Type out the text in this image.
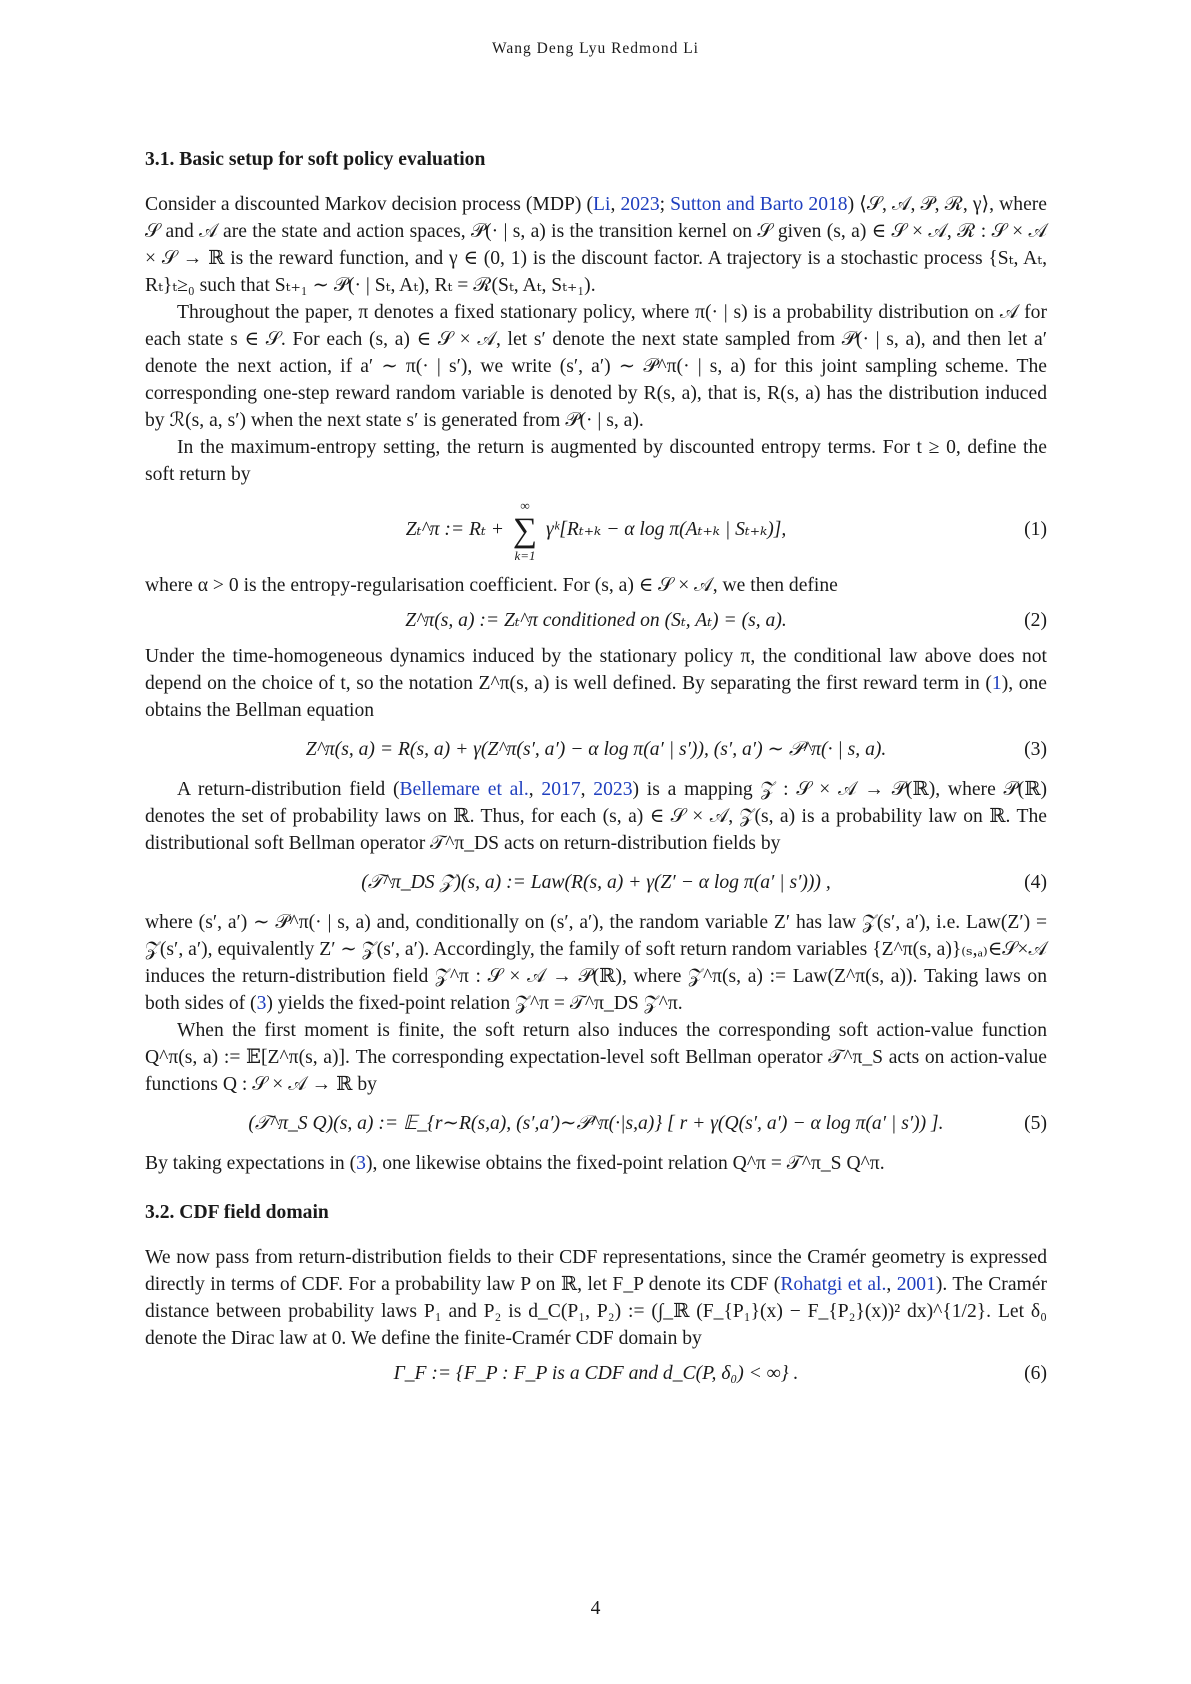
Wang Deng Lyu Redmond Li
3.1. Basic setup for soft policy evaluation

Consider a discounted Markov decision process (MDP) (Li, 2023; Sutton and Barto 2018) ⟨𝒮, 𝒜, 𝒫, ℛ, γ⟩, where 𝒮 and 𝒜 are the state and action spaces, 𝒫(· | s, a) is the transition kernel on 𝒮 given (s, a) ∈ 𝒮 × 𝒜, ℛ : 𝒮 × 𝒜 × 𝒮 → ℝ is the reward function, and γ ∈ (0, 1) is the discount factor. A trajectory is a stochastic process {Sₜ, Aₜ, Rₜ}ₜ≥₀ such that Sₜ₊₁ ∼ 𝒫(· | Sₜ, Aₜ), Rₜ = ℛ(Sₜ, Aₜ, Sₜ₊₁).

Throughout the paper, π denotes a fixed stationary policy, where π(· | s) is a probability distribution on 𝒜 for each state s ∈ 𝒮. For each (s, a) ∈ 𝒮 × 𝒜, let s′ denote the next state sampled from 𝒫(· | s, a), and then let a′ denote the next action, if a′ ∼ π(· | s′), we write (s′, a′) ∼ 𝒫^π(· | s, a) for this joint sampling scheme. The corresponding one-step reward random variable is denoted by R(s, a), that is, R(s, a) has the distribution induced by ℛ(s, a, s′) when the next state s′ is generated from 𝒫(· | s, a).

In the maximum-entropy setting, the return is augmented by discounted entropy terms. For t ≥ 0, define the soft return by

Zₜ^π := Rₜ +
∞
∑
k=1
γᵏ[Rₜ₊ₖ − α log π(Aₜ₊ₖ | Sₜ₊ₖ)],	(1)

where α > 0 is the entropy-regularisation coefficient. For (s, a) ∈ 𝒮 × 𝒜, we then define

Z^π(s, a) := Zₜ^π conditioned on (Sₜ, Aₜ) = (s, a).	(2)

Under the time-homogeneous dynamics induced by the stationary policy π, the conditional law above does not depend on the choice of t, so the notation Z^π(s, a) is well defined. By separating the first reward term in (1), one obtains the Bellman equation

Z^π(s, a) = R(s, a) + γ(Z^π(s′, a′) − α log π(a′ | s′)), (s′, a′) ∼ 𝒫^π(· | s, a).	(3)

A return-distribution field (Bellemare et al., 2017, 2023) is a mapping 𝒵 : 𝒮 × 𝒜 → 𝒫(ℝ), where 𝒫(ℝ) denotes the set of probability laws on ℝ. Thus, for each (s, a) ∈ 𝒮 × 𝒜, 𝒵(s, a) is a probability law on ℝ. The distributional soft Bellman operator 𝒯^π_DS acts on return-distribution fields by

(𝒯^π_DS 𝒵)(s, a) := Law(R(s, a) + γ(Z′ − α log π(a′ | s′))) ,	(4)

where (s′, a′) ∼ 𝒫^π(· | s, a) and, conditionally on (s′, a′), the random variable Z′ has law 𝒵(s′, a′), i.e. Law(Z′) = 𝒵(s′, a′), equivalently Z′ ∼ 𝒵(s′, a′). Accordingly, the family of soft return random variables {Z^π(s, a)}₍ₛ,ₐ₎∈𝒮×𝒜 induces the return-distribution field 𝒵^π : 𝒮 × 𝒜 → 𝒫(ℝ), where 𝒵^π(s, a) := Law(Z^π(s, a)). Taking laws on both sides of (3) yields the fixed-point relation 𝒵^π = 𝒯^π_DS 𝒵^π.

When the first moment is finite, the soft return also induces the corresponding soft action-value function Q^π(s, a) := 𝔼[Z^π(s, a)]. The corresponding expectation-level soft Bellman operator 𝒯^π_S acts on action-value functions Q : 𝒮 × 𝒜 → ℝ by

(𝒯^π_S Q)(s, a) := 𝔼_{r∼R(s,a), (s′,a′)∼𝒫^π(·|s,a)} [ r + γ(Q(s′, a′) − α log π(a′ | s′)) ].	(5)

By taking expectations in (3), one likewise obtains the fixed-point relation Q^π = 𝒯^π_S Q^π.

3.2. CDF field domain

We now pass from return-distribution fields to their CDF representations, since the Cramér geometry is expressed directly in terms of CDF. For a probability law P on ℝ, let F_P denote its CDF (Rohatgi et al., 2001). The Cramér distance between probability laws P₁ and P₂ is d_C(P₁, P₂) := (∫_ℝ (F_{P₁}(x) − F_{P₂}(x))² dx)^{1/2}. Let δ₀ denote the Dirac law at 0. We define the finite-Cramér CDF domain by

Γ_F := {F_P : F_P is a CDF and d_C(P, δ₀) < ∞} .	(6)
4
